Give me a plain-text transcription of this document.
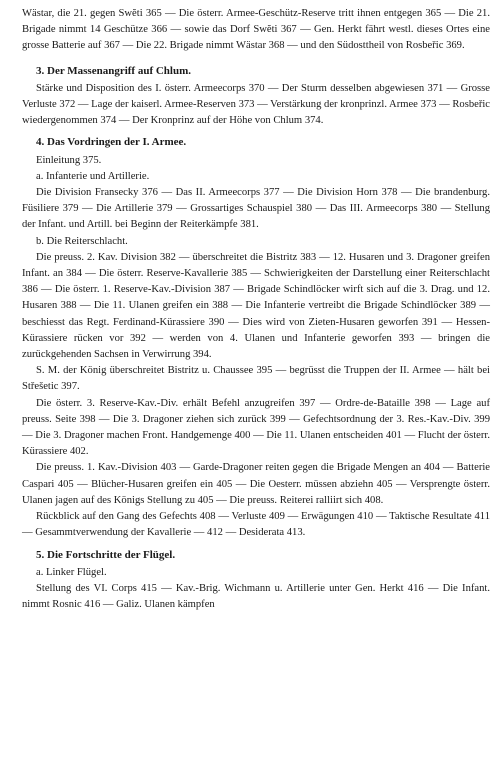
Wästar, die 21. gegen Swĕti 365 — Die österr. Armee-Geschütz-Reserve tritt ihnen entgegen 365 — Die 21. Brigade nimmt 14 Geschütze 366 — sowie das Dorf Swĕti 367 — Gen. Herkt fährt westl. dieses Ortes eine grosse Batterie auf 367 — Die 22. Brigade nimmt Wästar 368 — und den Südosttheil von Rosbeřic 369.

3. Der Massenangriff auf Chlum.

Stärke und Disposition des I. österr. Armeecorps 370 — Der Sturm desselben abgewiesen 371 — Grosse Verluste 372 — Lage der kaiserl. Armee-Reserven 373 — Verstärkung der kronprinzl. Armee 373 — Rosbeřic wiedergenommen 374 — Der Kronprinz auf der Höhe von Chlum 374.

4. Das Vordringen der I. Armee.

Einleitung 375.

a. Infanterie und Artillerie.

Die Division Fransecky 376 — Das II. Armeecorps 377 — Die Division Horn 378 — Die brandenburg. Füsiliere 379 — Die Artillerie 379 — Grossartiges Schauspiel 380 — Das III. Armeecorps 380 — Stellung der Infant. und Artill. bei Beginn der Reiterkämpfe 381.

b. Die Reiterschlacht.

Die preuss. 2. Kav. Division 382 — überschreitet die Bistritz 383 — 12. Husaren und 3. Dragoner greifen Infant. an 384 — Die österr. Reserve-Kavallerie 385 — Schwierigkeiten der Darstellung einer Reiterschlacht 386 — Die österr. 1. Reserve-Kav.-Division 387 — Brigade Schindlöcker wirft sich auf die 3. Drag. und 12. Husaren 388 — Die 11. Ulanen greifen ein 388 — Die Infanterie vertreibt die Brigade Schindlöcker 389 — beschiesst das Regt. Ferdinand-Kürassiere 390 — Dies wird von Zieten-Husaren geworfen 391 — Hessen-Kürassiere rücken vor 392 — werden von 4. Ulanen und Infanterie geworfen 393 — bringen die zurückgehenden Sachsen in Verwirrung 394.

S. M. der König überschreitet Bistritz u. Chaussee 395 — begrüsst die Truppen der II. Armee — hält bei Střešetic 397.

Die österr. 3. Reserve-Kav.-Div. erhält Befehl anzugreifen 397 — Ordre-de-Bataille 398 — Lage auf preuss. Seite 398 — Die 3. Dragoner ziehen sich zurück 399 — Gefechtsordnung der 3. Res.-Kav.-Div. 399 — Die 3. Dragoner machen Front. Handgemenge 400 — Die 11. Ulanen entscheiden 401 — Flucht der österr. Kürassiere 402.

Die preuss. 1. Kav.-Division 403 — Garde-Dragoner reiten gegen die Brigade Mengen an 404 — Batterie Caspari 405 — Blücher-Husaren greifen ein 405 — Die Oesterr. müssen abziehn 405 — Versprengte österr. Ulanen jagen auf des Königs Stellung zu 405 — Die preuss. Reiterei ralliirt sich 408.

Rückblick auf den Gang des Gefechts 408 — Verluste 409 — Erwägungen 410 — Taktische Resultate 411 — Gesammtverwendung der Kavallerie — 412 — Desiderata 413.

5. Die Fortschritte der Flügel.

a. Linker Flügel.

Stellung des VI. Corps 415 — Kav.-Brig. Wichmann u. Artillerie unter Gen. Herkt 416 — Die Infant. nimmt Rosnic 416 — Galiz. Ulanen kämpfen
